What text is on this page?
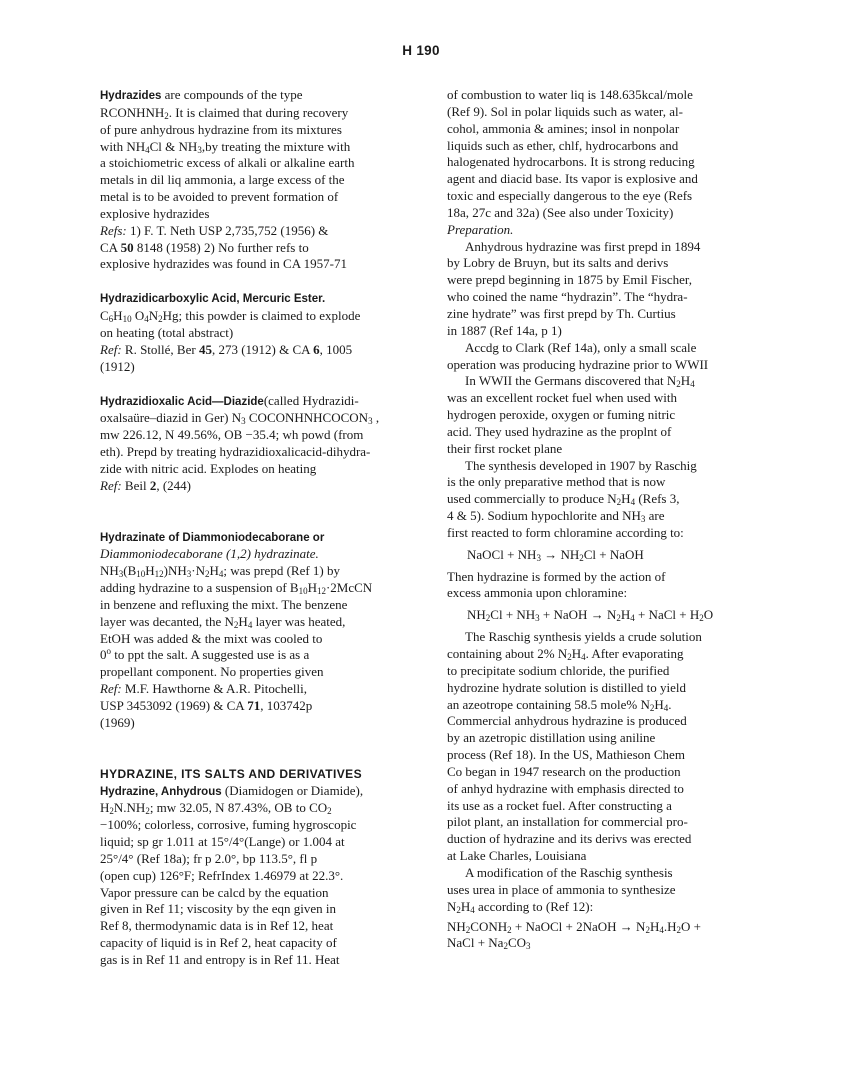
H 190
Hydrazides are compounds of the type
$RCONHNH_2$. It is claimed that during recovery
of pure anhydrous hydrazine from its mixtures
with $NH_4Cl$ & $NH_3,by$ treating the mixture with
a stoichiometric excess of alkali or alkaline earth
metals in dil liq ammonia, a large excess of the
metal is to be avoided to prevent formation of
explosive hydrazides
Refs: 1) F. T. Neth USP 2,735,752 (1956) &
CA 50 8148 (1958) 2) No further refs to
explosive hydrazides was found in CA 1957-71
Hydrazidicarboxylic Acid, Mercuric Ester.
$C_6H_{10}$ $O_4N_2Hg$; this powder is claimed to explode
on heating (total abstract)
Ref: R. Stollé, Ber 45, 273 (1912) & CA 6, 1005
(1912)
Hydrazidioxalic Acid—Diazide(called Hydrazidi-
oxalsaüre–diazid in Ger) $N_3$ $COCONHNHCOCON_3$ ,
mw 226.12, N 49.56%, OB −35.4; wh powd (from
eth). Prepd by treating hydrazidioxalicacid-dihydra-
zide with nitric acid. Explodes on heating
Ref: Beil 2, (244)
Hydrazinate of Diammoniodecaborane or
Diammoniodecaborane (1,2) hydrazinate.
$NH_3(B_{10}H_{12})NH_3\cdot N_2H_4$; was prepd (Ref 1) by
adding hydrazine to a suspension of $B_{10}H_{12}\cdot 2McCN$
in benzene and refluxing the mixt. The benzene
layer was decanted, the $N_2H_4$ layer was heated,
EtOH was added & the mixt was cooled to
0$^o$ to ppt the salt. A suggested use is as a
propellant component. No properties given
Ref: M.F. Hawthorne & A.R. Pitochelli,
USP 3453092 (1969) & CA 71, 103742p
(1969)
HYDRAZINE, ITS SALTS AND DERIVATIVES
Hydrazine, Anhydrous (Diamidogen or Diamide),
$H_2N.NH_2$; mw 32.05, N 87.43%, OB to $CO_2$
−100%; colorless, corrosive, fuming hygroscopic
liquid; sp gr 1.011 at 15°/4°(Lange) or 1.004 at
25°/4° (Ref 18a); fr p 2.0°, bp 113.5°, fl p
(open cup) 126°F; RefrIndex 1.46979 at 22.3°.
Vapor pressure can be calcd by the equation
given in Ref 11; viscosity by the eqn given in
Ref 8, thermodynamic data is in Ref 12, heat
capacity of liquid is in Ref 2, heat capacity of
gas is in Ref 11 and entropy is in Ref 11. Heat
of combustion to water liq is 148.635kcal/mole
(Ref 9). Sol in polar liquids such as water, al-
cohol, ammonia & amines; insol in nonpolar
liquids such as ether, chlf, hydrocarbons and
halogenated hydrocarbons. It is strong reducing
agent and diacid base. Its vapor is explosive and
toxic and especially dangerous to the eye (Refs
18a, 27c and 32a) (See also under Toxicity)
Preparation.
Anhydrous hydrazine was first prepd in 1894
by Lobry de Bruyn, but its salts and derivs
were prepd beginning in 1875 by Emil Fischer,
who coined the name “hydrazin”. The “hydra-
zine hydrate” was first prepd by Th. Curtius
in 1887 (Ref 14a, p 1)
Accdg to Clark (Ref 14a), only a small scale
operation was producing hydrazine prior to WWII
In WWII the Germans discovered that $N_2H_4$
was an excellent rocket fuel when used with
hydrogen peroxide, oxygen or fuming nitric
acid. They used hydrazine as the proplnt of
their first rocket plane
The synthesis developed in 1907 by Raschig
is the only preparative method that is now
used commercially to produce $N_2H_4$ (Refs 3,
4 & 5). Sodium hypochlorite and $NH_3$ are
first reacted to form chloramine according to:
NaOCl + $NH_3 \to NH_2Cl$ + NaOH
Then hydrazine is formed by the action of
excess ammonia upon chloramine:
$NH_2Cl + NH_3$ + NaOH → $N_2H_4$ + NaCl + $H_2O$
The Raschig synthesis yields a crude solution
containing about 2% $N_2H_4$. After evaporating
to precipitate sodium chloride, the purified
hydrozine hydrate solution is distilled to yield
an azeotrope containing 58.5 mole% $N_2H_4$.
Commercial anhydrous hydrazine is produced
by an azetropic distillation using aniline
process (Ref 18). In the US, Mathieson Chem
Co began in 1947 research on the production
of anhyd hydrazine with emphasis directed to
its use as a rocket fuel. After constructing a
pilot plant, an installation for commercial pro-
duction of hydrazine and its derivs was erected
at Lake Charles, Louisiana
A modification of the Raschig synthesis
uses urea in place of ammonia to synthesize
$N_2H_4$ according to (Ref 12):
$NH_2CONH_2$ + NaOCl + 2NaOH → $N_2H_4.H_2O$ +
NaCl + $Na_2CO_3$
